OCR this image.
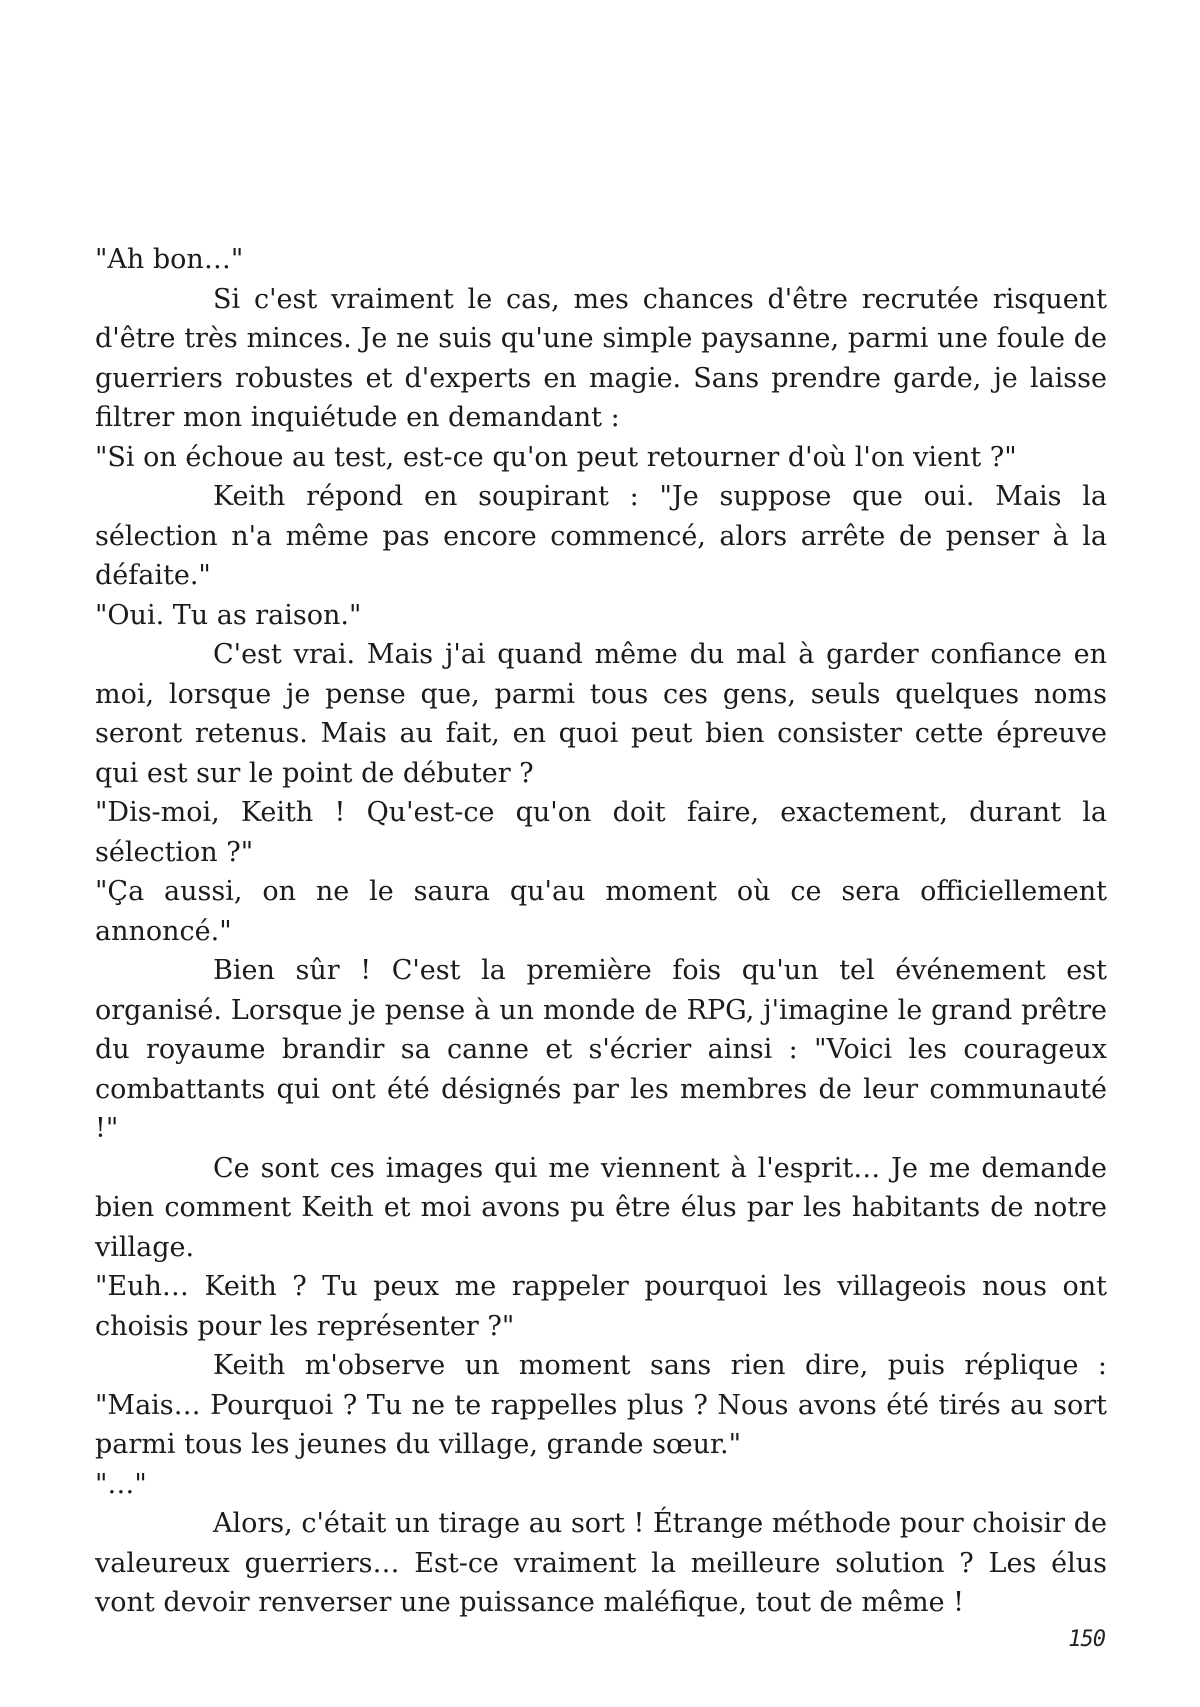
"Ah bon…"

Si c'est vraiment le cas, mes chances d'être recrutée risquent d'être très minces. Je ne suis qu'une simple paysanne, parmi une foule de guerriers robustes et d'experts en magie. Sans prendre garde, je laisse filtrer mon inquiétude en demandant :

"Si on échoue au test, est-ce qu'on peut retourner d'où l'on vient ?"

Keith répond en soupirant : "Je suppose que oui. Mais la sélection n'a même pas encore commencé, alors arrête de penser à la défaite."

"Oui. Tu as raison."

C'est vrai. Mais j'ai quand même du mal à garder confiance en moi, lorsque je pense que, parmi tous ces gens, seuls quelques noms seront retenus. Mais au fait, en quoi peut bien consister cette épreuve qui est sur le point de débuter ?

"Dis-moi, Keith ! Qu'est-ce qu'on doit faire, exactement, durant la sélection ?"

"Ça aussi, on ne le saura qu'au moment où ce sera officiellement annoncé."

Bien sûr ! C'est la première fois qu'un tel événement est organisé. Lorsque je pense à un monde de RPG, j'imagine le grand prêtre du royaume brandir sa canne et s'écrier ainsi : "Voici les courageux combattants qui ont été désignés par les membres de leur communauté !"

Ce sont ces images qui me viennent à l'esprit… Je me demande bien comment Keith et moi avons pu être élus par les habitants de notre village.

"Euh… Keith ? Tu peux me rappeler pourquoi les villageois nous ont choisis pour les représenter ?"

Keith m'observe un moment sans rien dire, puis réplique : "Mais… Pourquoi ? Tu ne te rappelles plus ? Nous avons été tirés au sort parmi tous les jeunes du village, grande sœur."

"…"

Alors, c'était un tirage au sort ! Étrange méthode pour choisir de valeureux guerriers… Est-ce vraiment la meilleure solution ? Les élus vont devoir renverser une puissance maléfique, tout de même !

150
